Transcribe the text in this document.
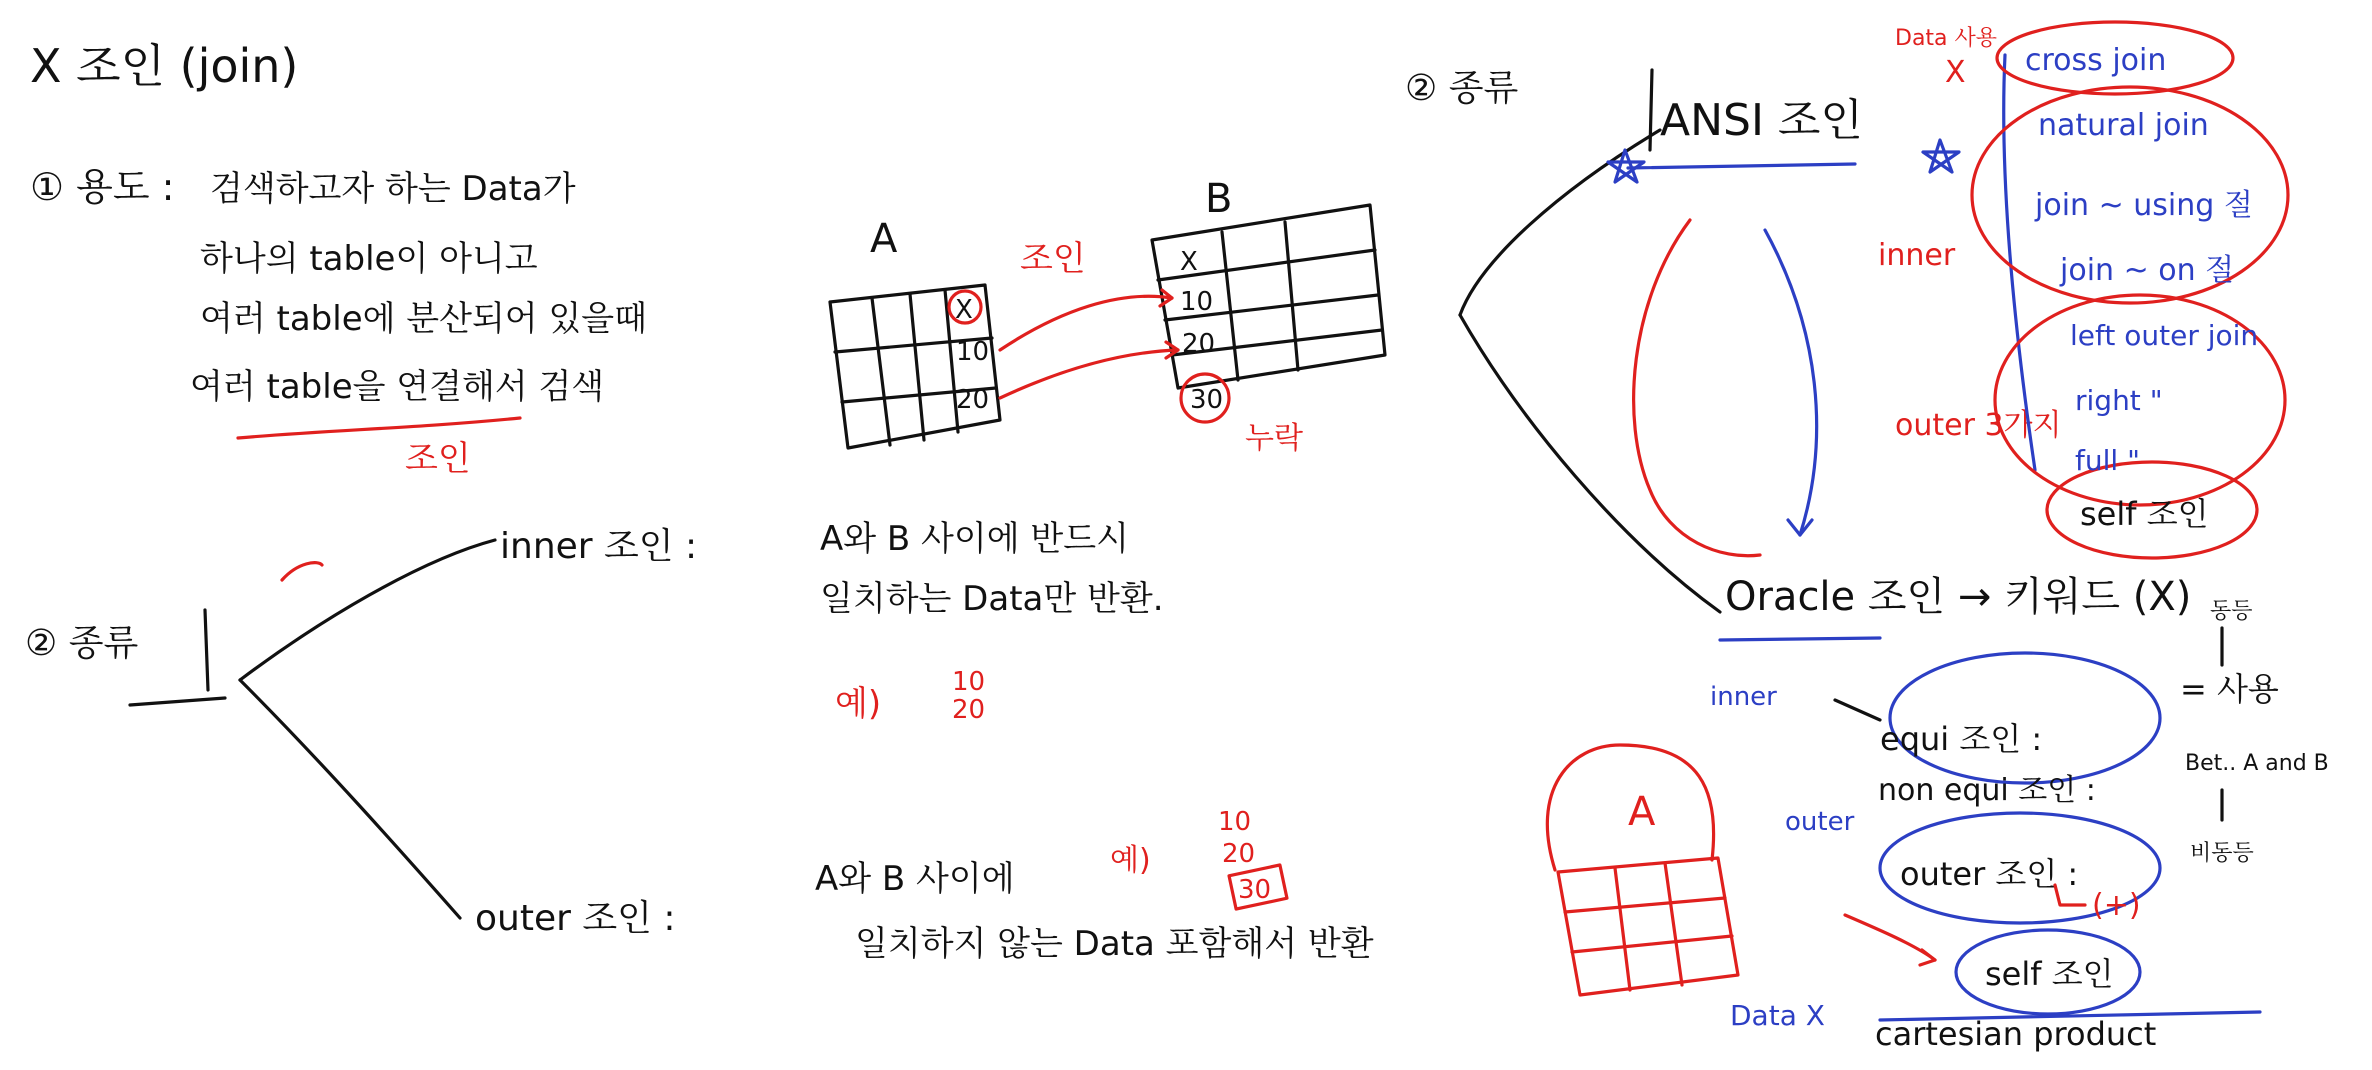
X 조인 (join)
① 용도 : 검색하고자 하는 Data가
하나의 table이 아니고
여러 table에 분산되어 있을때
여러 table을 연결해서 검색
조인
A
X
10
20
B
X
10
20
30
누락
조인
② 종류
inner 조인 :	A와 B 사이에 반드시
일치하는 Data만 반환.
예)
10
20
outer 조인 :
A와 B 사이에
일치하지 않는 Data 포함해서 반환
예)
10
20
30
② 종류
ANSI 조인
Data 사용
X
inner
outer 3가지
cross join
natural join
join ~ using 절
join ~ on 절
left outer join
right "
full "
self 조인
Oracle 조인 → 키워드 (X)
inner
outer
Data X
equi 조인 :
non equi 조인 :
outer 조인 :
self 조인
cartesian product
(+)
동등
= 사용
Bet.. A and B
비동등
A
